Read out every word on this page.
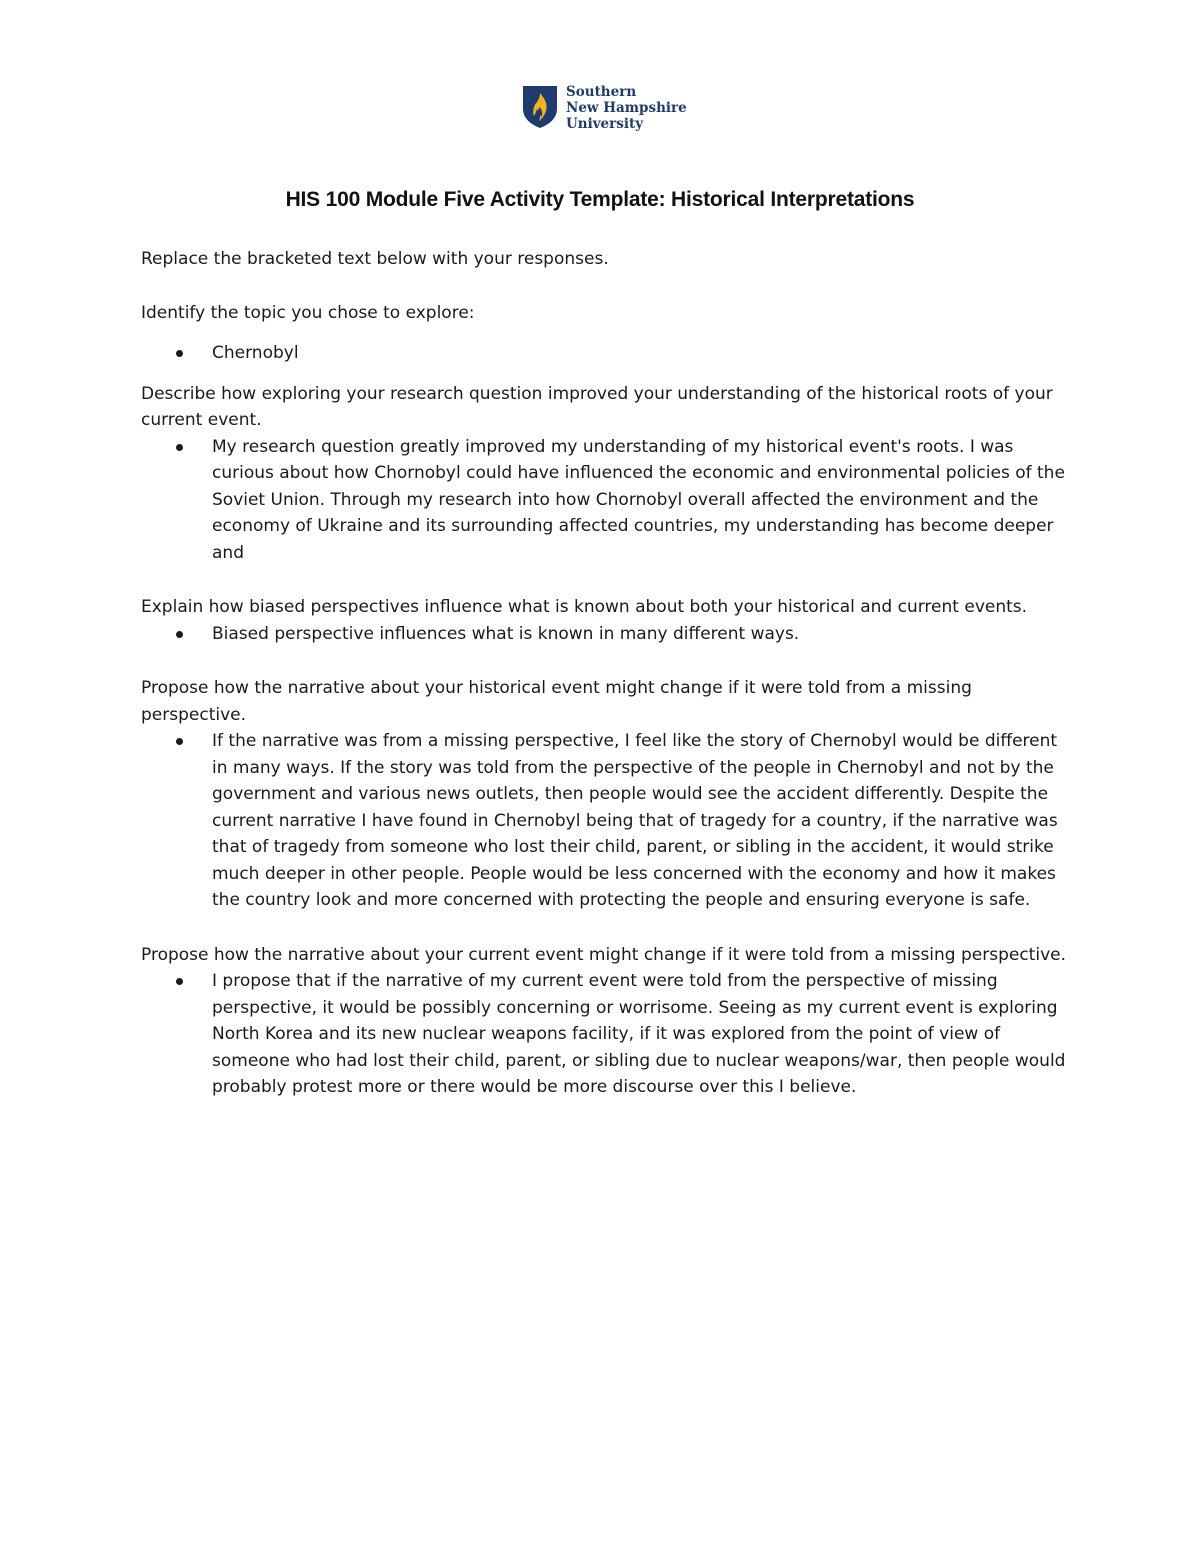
Southern
New Hampshire
University
HIS 100 Module Five Activity Template: Historical Interpretations

Replace the bracketed text below with your responses.

Identify the topic you chose to explore:

Chernobyl

Describe how exploring your research question improved your understanding of the historical roots of your current event.

My research question greatly improved my understanding of my historical event's roots. I was curious about how Chornobyl could have influenced the economic and environmental policies of the Soviet Union. Through my research into how Chornobyl overall affected the environment and the economy of Ukraine and its surrounding affected countries, my understanding has become deeper and

Explain how biased perspectives influence what is known about both your historical and current events.

Biased perspective influences what is known in many different ways.

Propose how the narrative about your historical event might change if it were told from a missing perspective.

If the narrative was from a missing perspective, I feel like the story of Chernobyl would be different in many ways. If the story was told from the perspective of the people in Chernobyl and not by the government and various news outlets, then people would see the accident differently. Despite the current narrative I have found in Chernobyl being that of tragedy for a country, if the narrative was that of tragedy from someone who lost their child, parent, or sibling in the accident, it would strike much deeper in other people. People would be less concerned with the economy and how it makes the country look and more concerned with protecting the people and ensuring everyone is safe.

Propose how the narrative about your current event might change if it were told from a missing perspective.

I propose that if the narrative of my current event were told from the perspective of missing perspective, it would be possibly concerning or worrisome. Seeing as my current event is exploring North Korea and its new nuclear weapons facility, if it was explored from the point of view of someone who had lost their child, parent, or sibling due to nuclear weapons/war, then people would probably protest more or there would be more discourse over this I believe.
